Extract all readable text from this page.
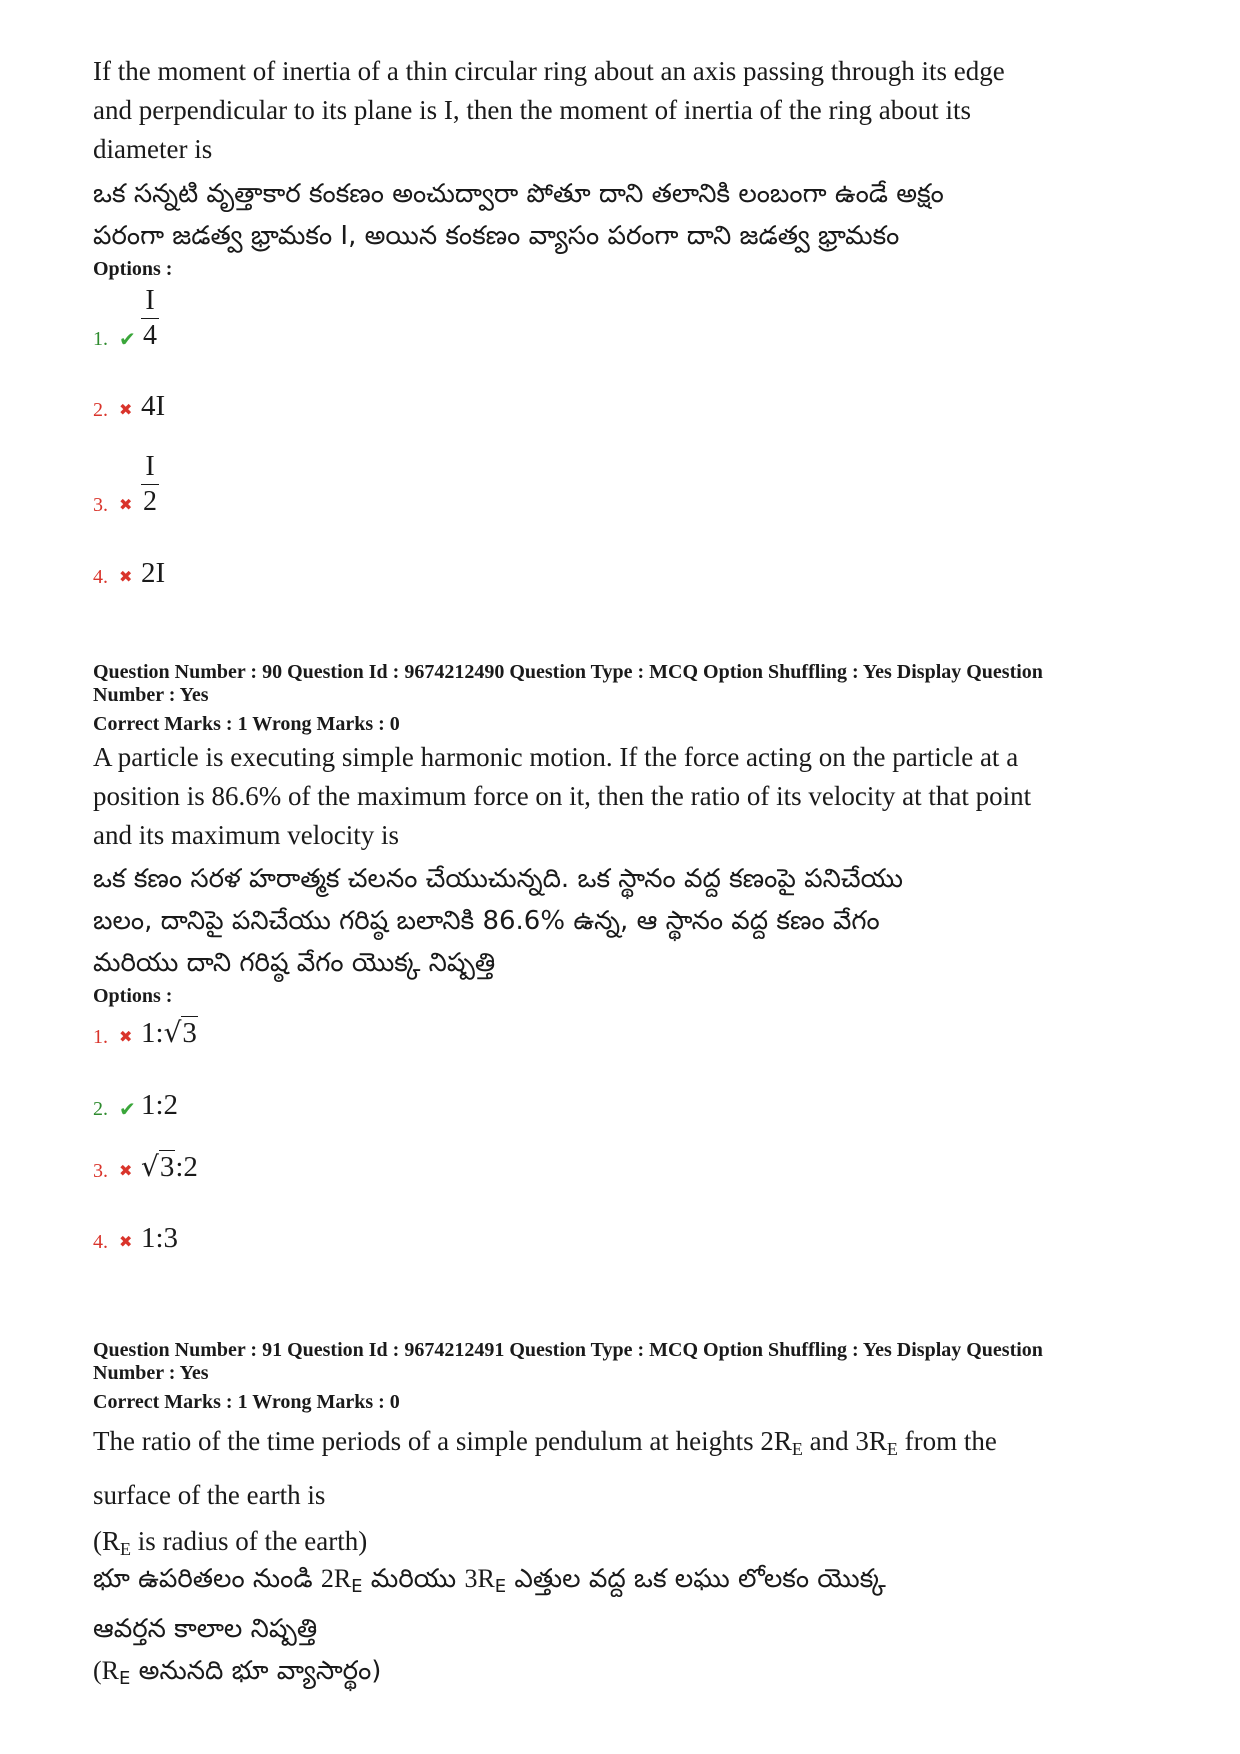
If the moment of inertia of a thin circular ring about an axis passing through its edge

and perpendicular to its plane is I, then the moment of inertia of the ring about its

diameter is

ఒక సన్నటి వృత్తాకార కంకణం అంచుద్వారా పోతూ దాని తలానికి లంబంగా ఉండే అక్షం

పరంగా జడత్వ భ్రామకం I, అయిన కంకణం వ్యాసం పరంగా దాని జడత్వ భ్రామకం

Options :

1. ✔ $\frac{I}{4}$
2. ✖ 4I
3. ✖ $\frac{I}{2}$
4. ✖ 2I

Question Number : 90 Question Id : 9674212490 Question Type : MCQ Option Shuffling : Yes Display Question

Number : Yes

Correct Marks : 1 Wrong Marks : 0

A particle is executing simple harmonic motion. If the force acting on the particle at a

position is 86.6% of the maximum force on it, then the ratio of its velocity at that point

and its maximum velocity is

ఒక కణం సరళ హరాత్మక చలనం చేయుచున్నది. ఒక స్థానం వద్ద కణంపై పనిచేయు

బలం, దానిపై పనిచేయు గరిష్ఠ బలానికి 86.6% ఉన్న, ఆ స్థానం వద్ద కణం వేగం

మరియు దాని గరిష్ఠ వేగం యొక్క నిష్పత్తి

Options :

1. ✖ 1:√3
2. ✔ 1:2
3. ✖ √3:2
4. ✖ 1:3

Question Number : 91 Question Id : 9674212491 Question Type : MCQ Option Shuffling : Yes Display Question

Number : Yes

Correct Marks : 1 Wrong Marks : 0

The ratio of the time periods of a simple pendulum at heights $2R_E$ and $3R_E$ from the

surface of the earth is

($R_E$ is radius of the earth)

భూ ఉపరితలం నుండి $2R_E$ మరియు $3R_E$ ఎత్తుల వద్ద ఒక లఘు లోలకం యొక్క

ఆవర్తన కాలాల నిష్పత్తి

($R_E$ అనునది భూ వ్యాసార్థం)
